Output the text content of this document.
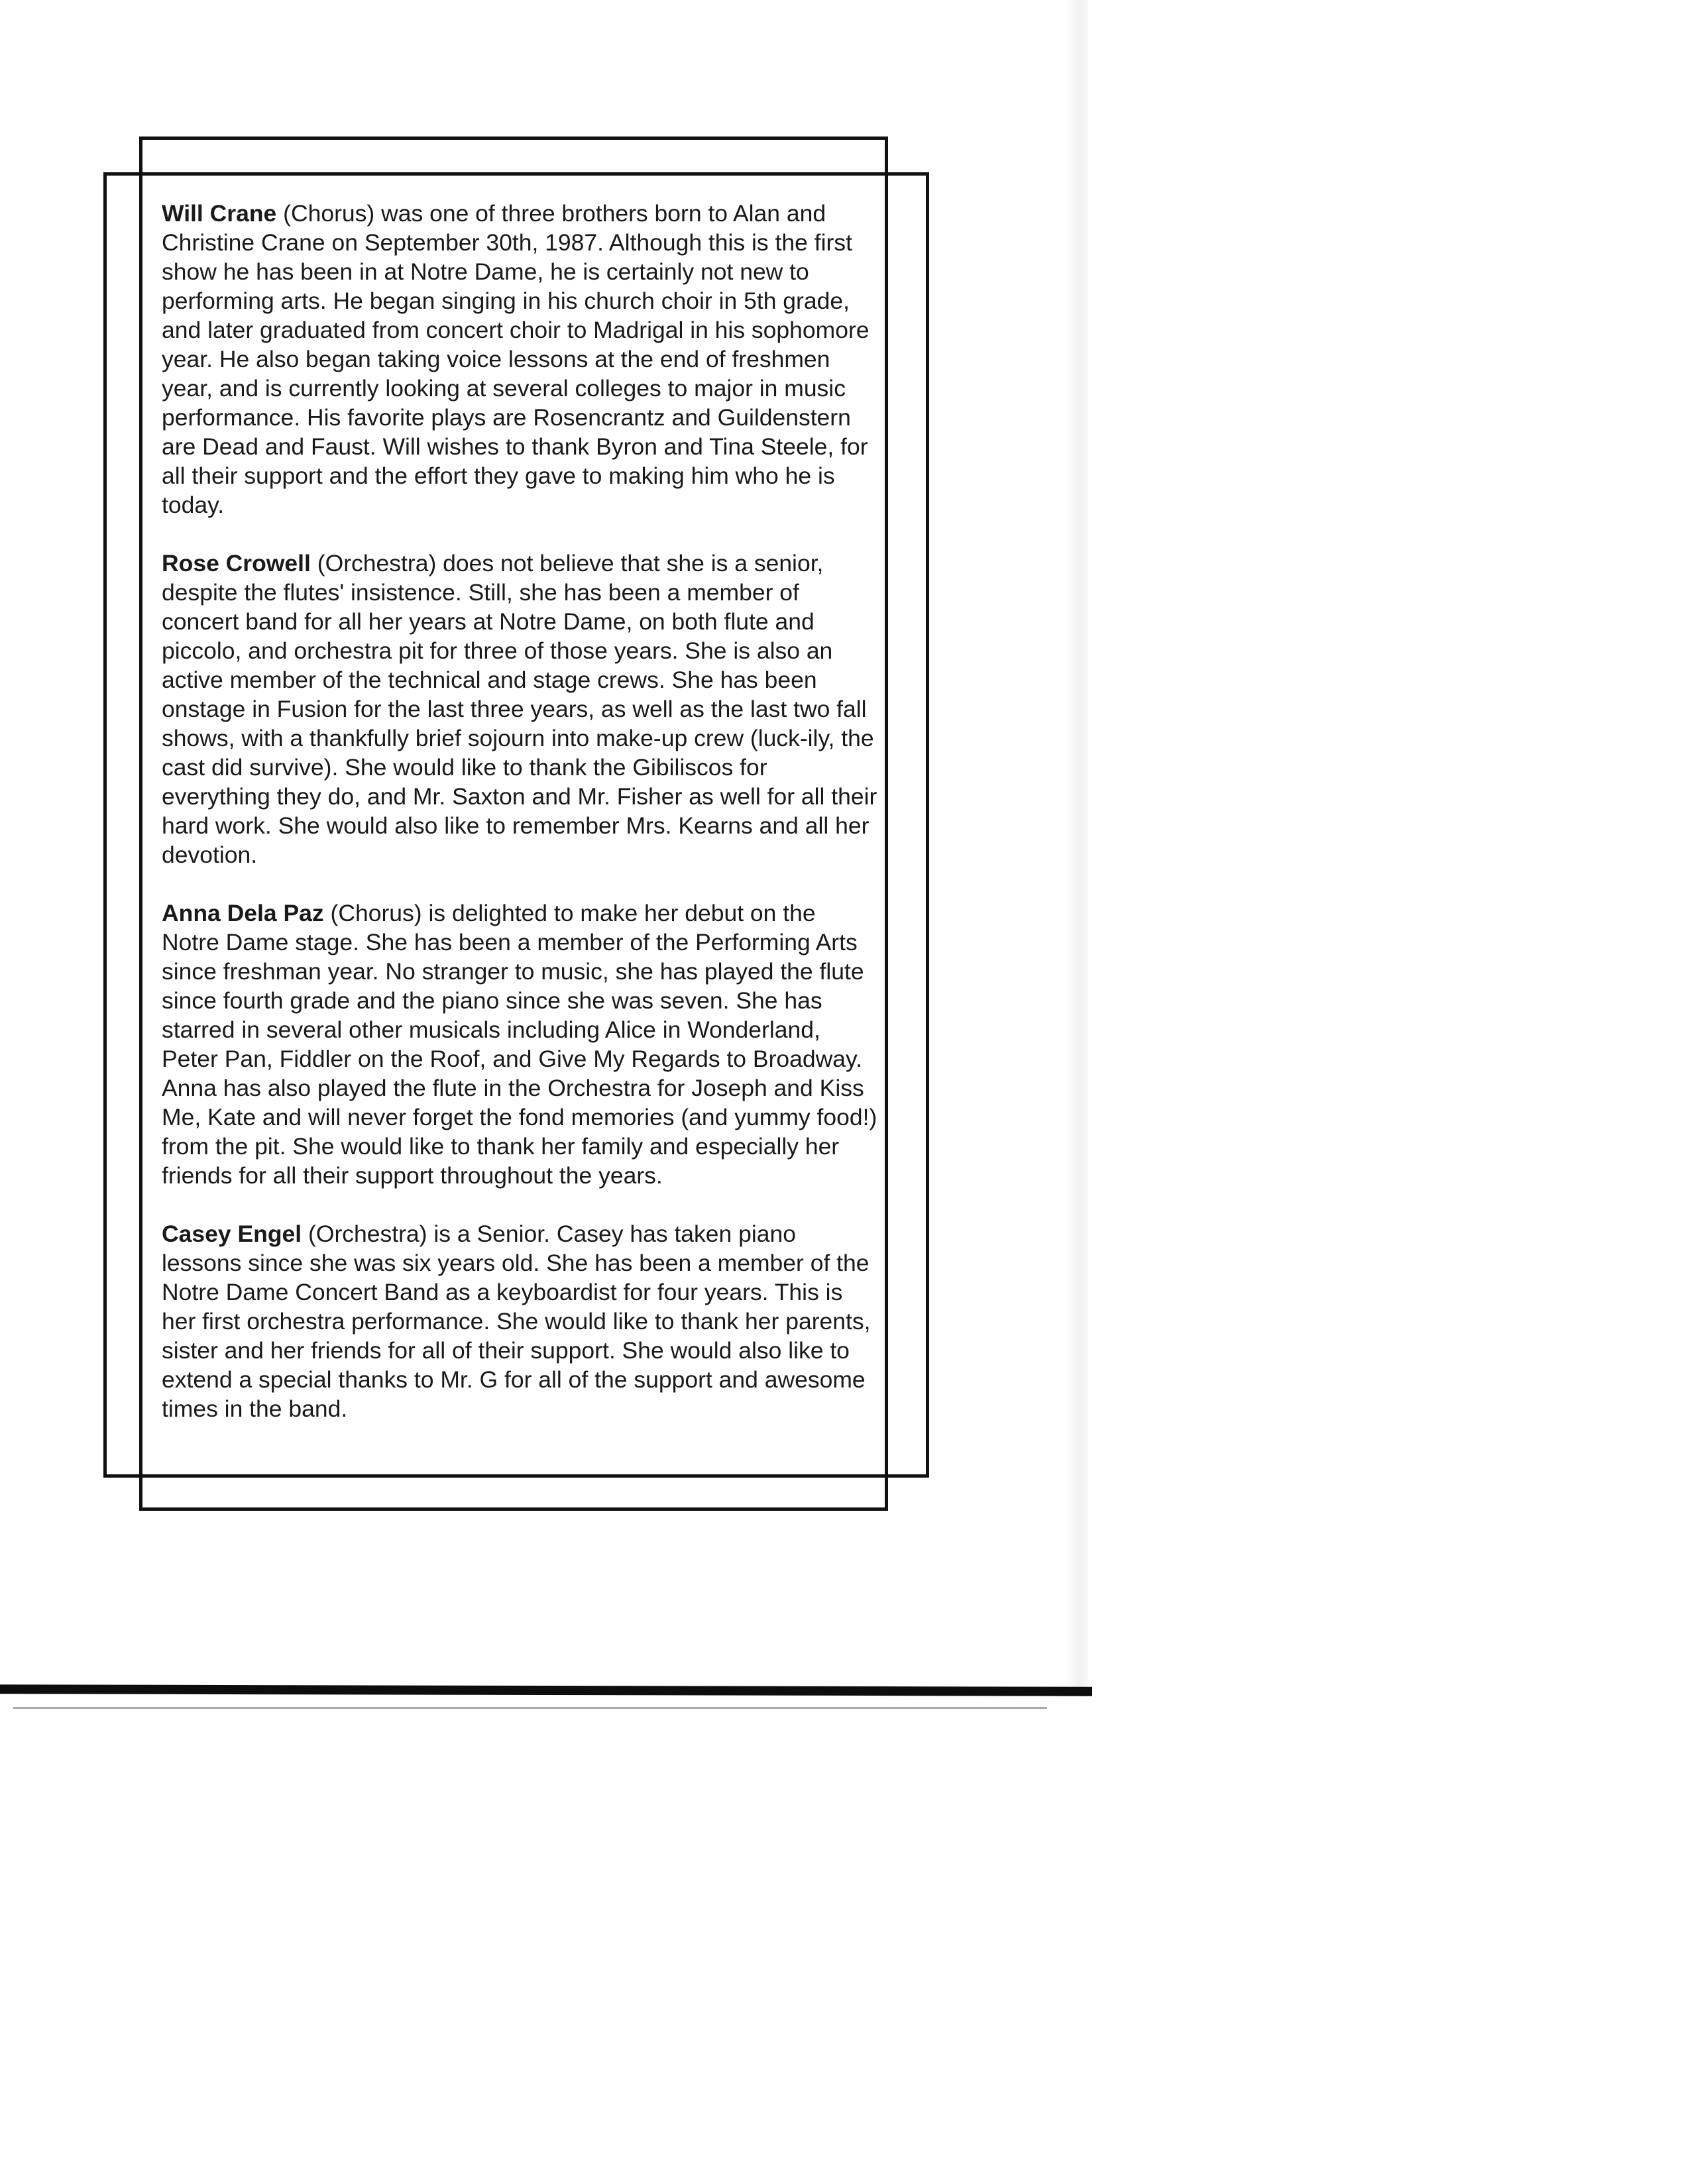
Will Crane (Chorus) was one of three brothers born to Alan and Christine Crane on September 30th, 1987. Although this is the first show he has been in at Notre Dame, he is certainly not new to performing arts. He began singing in his church choir in 5th grade, and later graduated from concert choir to Madrigal in his sophomore year. He also began taking voice lessons at the end of freshmen year, and is currently looking at several colleges to major in music performance. His favorite plays are Rosencrantz and Guildenstern are Dead and Faust. Will wishes to thank Byron and Tina Steele, for all their support and the effort they gave to making him who he is today.

Rose Crowell (Orchestra) does not believe that she is a senior, despite the flutes' insistence. Still, she has been a member of concert band for all her years at Notre Dame, on both flute and piccolo, and orchestra pit for three of those years. She is also an active member of the technical and stage crews. She has been onstage in Fusion for the last three years, as well as the last two fall shows, with a thankfully brief sojourn into make-up crew (luck-ily, the cast did survive). She would like to thank the Gibiliscos for everything they do, and Mr. Saxton and Mr. Fisher as well for all their hard work. She would also like to remember Mrs. Kearns and all her devotion.

Anna Dela Paz (Chorus) is delighted to make her debut on the Notre Dame stage. She has been a member of the Performing Arts since freshman year. No stranger to music, she has played the flute since fourth grade and the piano since she was seven. She has starred in several other musicals including Alice in Wonderland, Peter Pan, Fiddler on the Roof, and Give My Regards to Broadway. Anna has also played the flute in the Orchestra for Joseph and Kiss Me, Kate and will never forget the fond memories (and yummy food!) from the pit. She would like to thank her family and especially her friends for all their support throughout the years.

Casey Engel (Orchestra) is a Senior. Casey has taken piano lessons since she was six years old. She has been a member of the Notre Dame Concert Band as a keyboardist for four years. This is her first orchestra performance. She would like to thank her parents, sister and her friends for all of their support. She would also like to extend a special thanks to Mr. G for all of the support and awesome times in the band.
